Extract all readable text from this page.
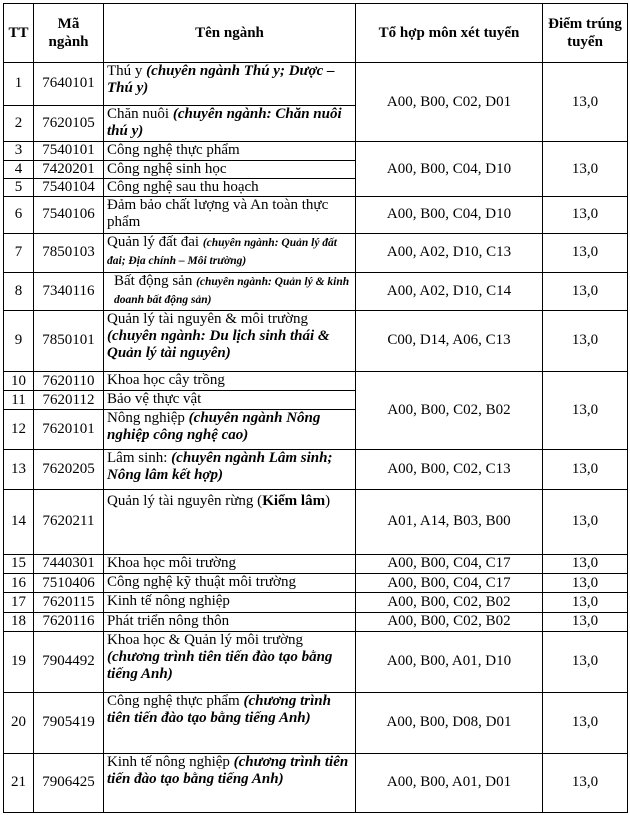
TT	Mã ngành	Tên ngành	Tổ hợp môn xét tuyển	Điểm trúng tuyển
1	7640101	Thú y (chuyên ngành Thú y; Dược – Thú y)	A00, B00, C02, D01	13,0
2	7620105	Chăn nuôi (chuyên ngành: Chăn nuôi thú y)		
3	7540101	Công nghệ thực phẩm	A00, B00, C04, D10	13,0
4	7420201	Công nghệ sinh học		
5	7540104	Công nghệ sau thu hoạch		
6	7540106	Đảm bảo chất lượng và An toàn thực phẩm	A00, B00, C04, D10	13,0
7	7850103	Quản lý đất đai (chuyên ngành: Quản lý đất đai; Địa chính – Môi trường)	A00, A02, D10, C13	13,0
8	7340116	Bất động sản (chuyên ngành: Quản lý & kinh doanh bất động sản)	A00, A02, D10, C14	13,0
9	7850101	Quản lý tài nguyên & môi trường (chuyên ngành: Du lịch sinh thái & Quản lý tài nguyên)	C00, D14, A06, C13	13,0
10	7620110	Khoa học cây trồng	A00, B00, C02, B02	13,0
11	7620112	Bảo vệ thực vật		
12	7620101	Nông nghiệp (chuyên ngành Nông nghiệp công nghệ cao)		
13	7620205	Lâm sinh: (chuyên ngành Lâm sinh; Nông lâm kết hợp)	A00, B00, C02, C13	13,0
14	7620211	Quản lý tài nguyên rừng (Kiểm lâm)	A01, A14, B03, B00	13,0
15	7440301	Khoa học môi trường	A00, B00, C04, C17	13,0
16	7510406	Công nghệ kỹ thuật môi trường	A00, B00, C04, C17	13,0
17	7620115	Kinh tế nông nghiệp	A00, B00, C02, B02	13,0
18	7620116	Phát triển nông thôn	A00, B00, C02, B02	13,0
19	7904492	Khoa học & Quản lý môi trường (chương trình tiên tiến đào tạo bằng tiếng Anh)	A00, B00, A01, D10	13,0
20	7905419	Công nghệ thực phẩm (chương trình tiên tiến đào tạo bằng tiếng Anh)	A00, B00, D08, D01	13,0
21	7906425	Kinh tế nông nghiệp (chương trình tiên tiến đào tạo bằng tiếng Anh)	A00, B00, A01, D01	13,0
